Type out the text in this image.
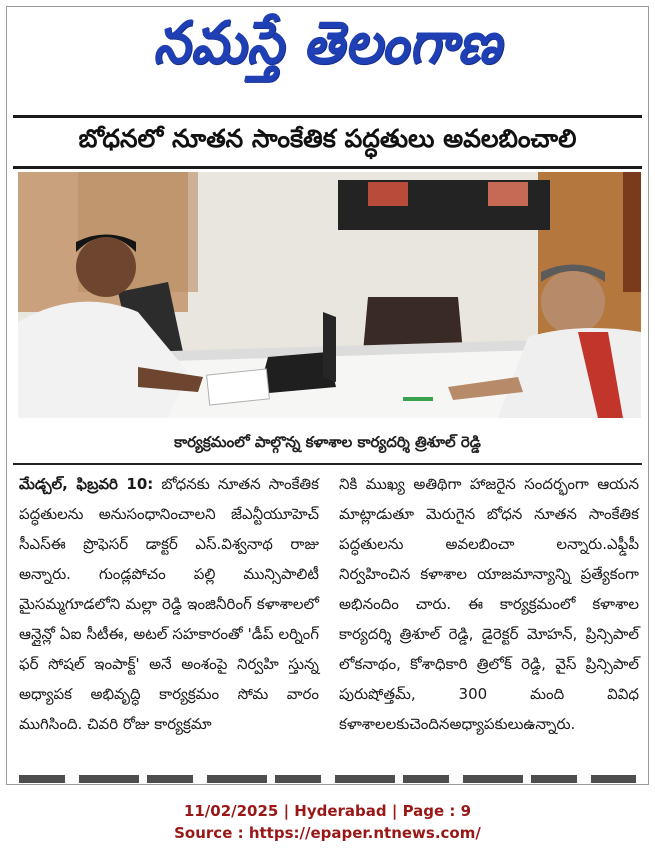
నమస్తే తెలంగాణ
బోధనలో నూతన సాంకేతిక పద్ధతులు అవలబించాలి
కార్యక్రమంలో పాల్గొన్న కళాశాల కార్యదర్శి త్రిశూల్ రెడ్డి
మేడ్చల్, ఫిబ్రవరి 10: బోధనకు నూతన సాంకేతిక పద్ధతులను అనుసంధానించాలని జేఎన్టీయూహెచ్ సీఎస్ఈ ప్రొఫెసర్ డాక్టర్ ఎస్.విశ్వనాథ రాజు అన్నారు. గుండ్లపోచం పల్లి మున్సిపాలిటీ మైసమ్మగూడలోని మల్లా రెడ్డి ఇంజినీరింగ్ కళాశాలలో ఆన్లైన్లో ఏఐ సీటీఈ, అటల్ సహకారంతో 'డీప్ లర్నింగ్ ఫర్ సోషల్ ఇంపాక్ట్' అనే అంశంపై నిర్వహి స్తున్న అధ్యాపక అభివృద్ధి కార్యక్రమం సోమ వారం ముగిసింది. చివరి రోజు కార్యక్రమా
నికి ముఖ్య అతిథిగా హాజరైన సందర్భంగా ఆయన మాట్లాడుతూ మెరుగైన బోధన నూతన సాంకేతిక పద్ధతులను అవలబించా లన్నారు.ఎఫ్డీపీ నిర్వహించిన కళాశాల యాజమాన్యాన్ని ప్రత్యేకంగా అభినందిం చారు. ఈ కార్యక్రమంలో కళాశాల కార్యదర్శి త్రిశూల్ రెడ్డి, డైరెక్టర్ మోహన్, ప్రిన్సిపాల్ లోకనాథం, కోశాధికారి త్రిలోక్ రెడ్డి, వైస్ ప్రిన్సిపాల్ పురుషోత్తమ్, 300 మంది వివిధ కళాశాలలకుచెందినఅధ్యాపకులుఉన్నారు.
11/02/2025 | Hyderabad | Page : 9
Source : https://epaper.ntnews.com/
